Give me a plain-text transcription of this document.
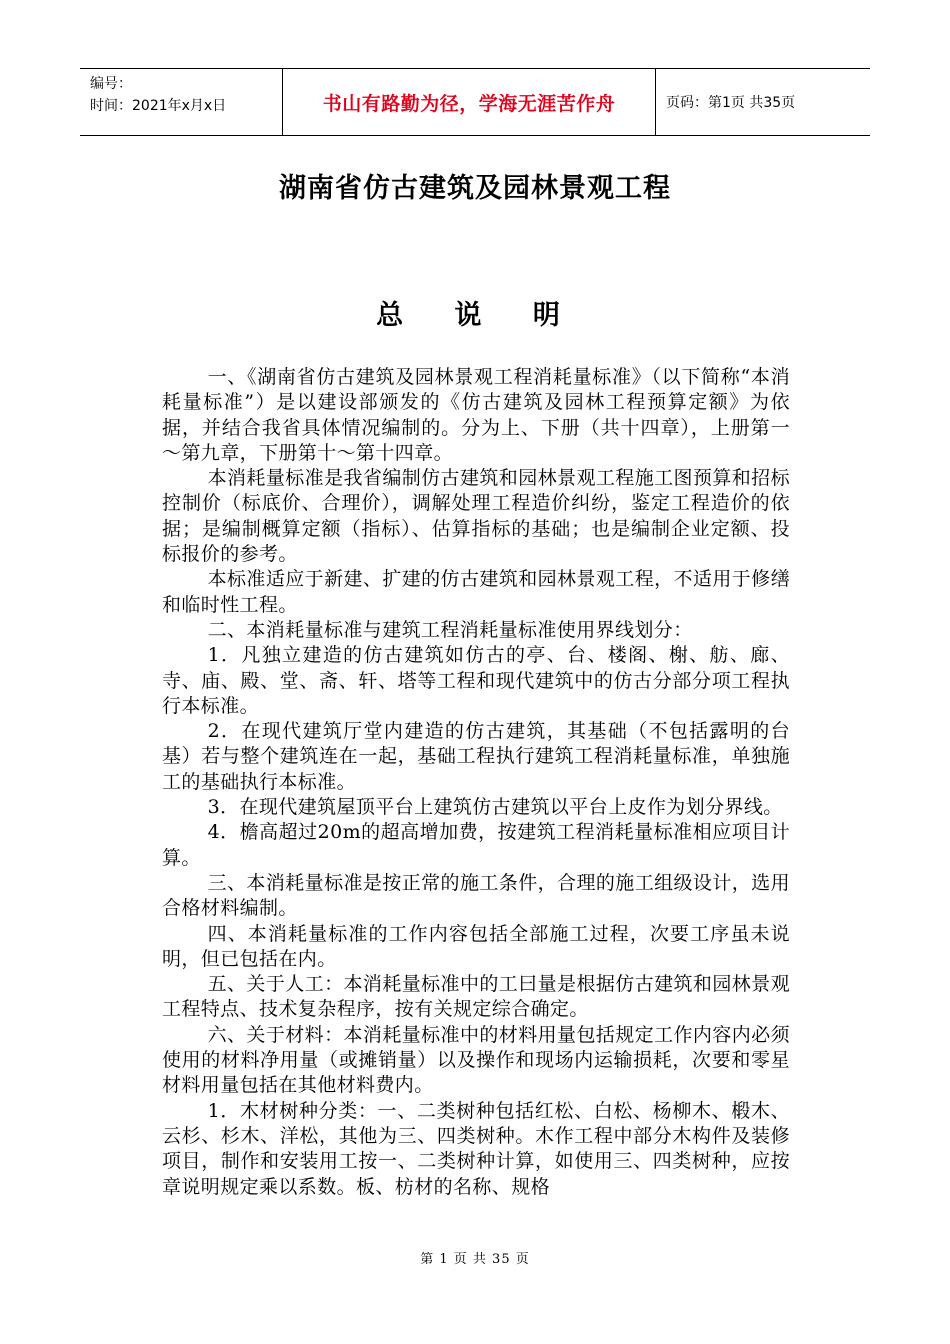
编号：
时间：2021年x月x日	书山有路勤为径，学海无涯苦作舟	页码：第1页 共35页
湖南省仿古建筑及园林景观工程
总 说 明

一、《湖南省仿古建筑及园林景观工程消耗量标准》（以下简称“本消耗量标准”）是以建设部颁发的《仿古建筑及园林工程预算定额》为依据，并结合我省具体情况编制的。分为上、下册（共十四章），上册第一～第九章，下册第十～第十四章。

本消耗量标准是我省编制仿古建筑和园林景观工程施工图预算和招标控制价（标底价、合理价），调解处理工程造价纠纷，鉴定工程造价的依据；是编制概算定额（指标）、估算指标的基础；也是编制企业定额、投标报价的参考。

本标准适应于新建、扩建的仿古建筑和园林景观工程，不适用于修缮和临时性工程。

二、本消耗量标准与建筑工程消耗量标准使用界线划分：

1．凡独立建造的仿古建筑如仿古的亭、台、楼阁、榭、舫、廊、寺、庙、殿、堂、斋、轩、塔等工程和现代建筑中的仿古分部分项工程执行本标准。

2．在现代建筑厅堂内建造的仿古建筑，其基础（不包括露明的台基）若与整个建筑连在一起，基础工程执行建筑工程消耗量标准，单独施工的基础执行本标准。

3．在现代建筑屋顶平台上建筑仿古建筑以平台上皮作为划分界线。

4．檐高超过20m的超高增加费，按建筑工程消耗量标准相应项目计算。

三、本消耗量标准是按正常的施工条件，合理的施工组级设计，选用合格材料编制。

四、本消耗量标准的工作内容包括全部施工过程，次要工序虽未说明，但已包括在内。

五、关于人工：本消耗量标准中的工曰量是根据仿古建筑和园林景观工程特点、技术复杂程序，按有关规定综合确定。

六、关于材料：本消耗量标准中的材料用量包括规定工作内容内必须使用的材料净用量（或摊销量）以及操作和现场内运输损耗，次要和零星材料用量包括在其他材料费内。

1．木材树种分类：一、二类树种包括红松、白松、杨柳木、椴木、云杉、杉木、洋松，其他为三、四类树种。木作工程中部分木构件及装修项目，制作和安装用工按一、二类树种计算，如使用三、四类树种，应按章说明规定乘以系数。板、枋材的名称、规格

第 1 页 共 35 页
